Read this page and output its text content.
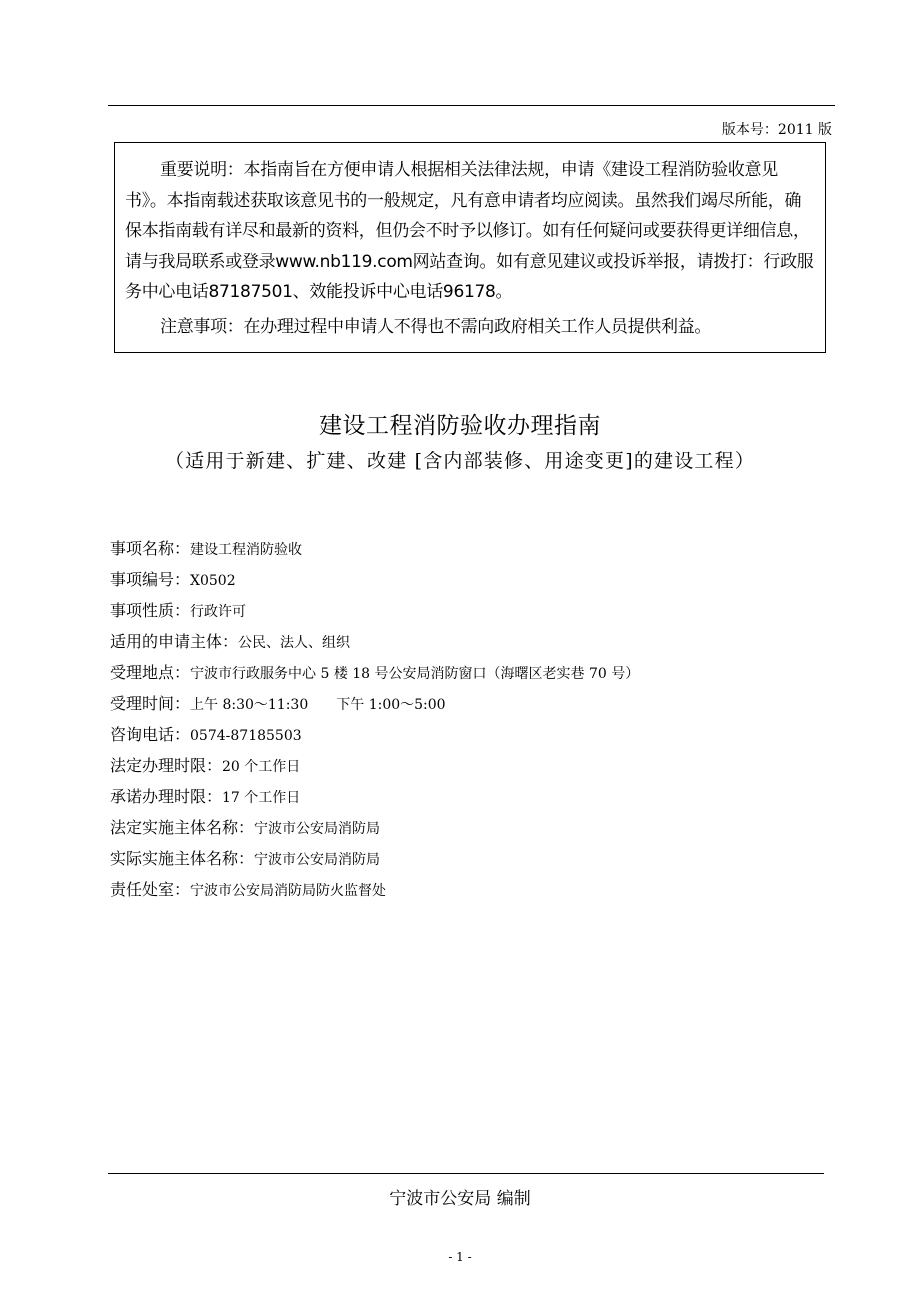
版本号：2011 版

重要说明：本指南旨在方便申请人根据相关法律法规，申请《建设工程消防验收意见书》。本指南载述获取该意见书的一般规定，凡有意申请者均应阅读。虽然我们竭尽所能，确保本指南载有详尽和最新的资料，但仍会不时予以修订。如有任何疑问或要获得更详细信息，请与我局联系或登录www.nb119.com网站查询。如有意见建议或投诉举报，请拨打：行政服务中心电话87187501、效能投诉中心电话96178。

注意事项：在办理过程中申请人不得也不需向政府相关工作人员提供利益。

建设工程消防验收办理指南
（适用于新建、扩建、改建 [含内部装修、用途变更]的建设工程）
事项名称：建设工程消防验收
事项编号：X0502
事项性质：行政许可
适用的申请主体：公民、法人、组织
受理地点：宁波市行政服务中心 5 楼 18 号公安局消防窗口（海曙区老实巷 70 号）
受理时间：上午 8:30～11:30　　下午 1:00～5:00
咨询电话：0574-87185503
法定办理时限：20 个工作日
承诺办理时限：17 个工作日
法定实施主体名称：宁波市公安局消防局
实际实施主体名称：宁波市公安局消防局
责任处室：宁波市公安局消防局防火监督处
宁波市公安局 编制
- 1 -
